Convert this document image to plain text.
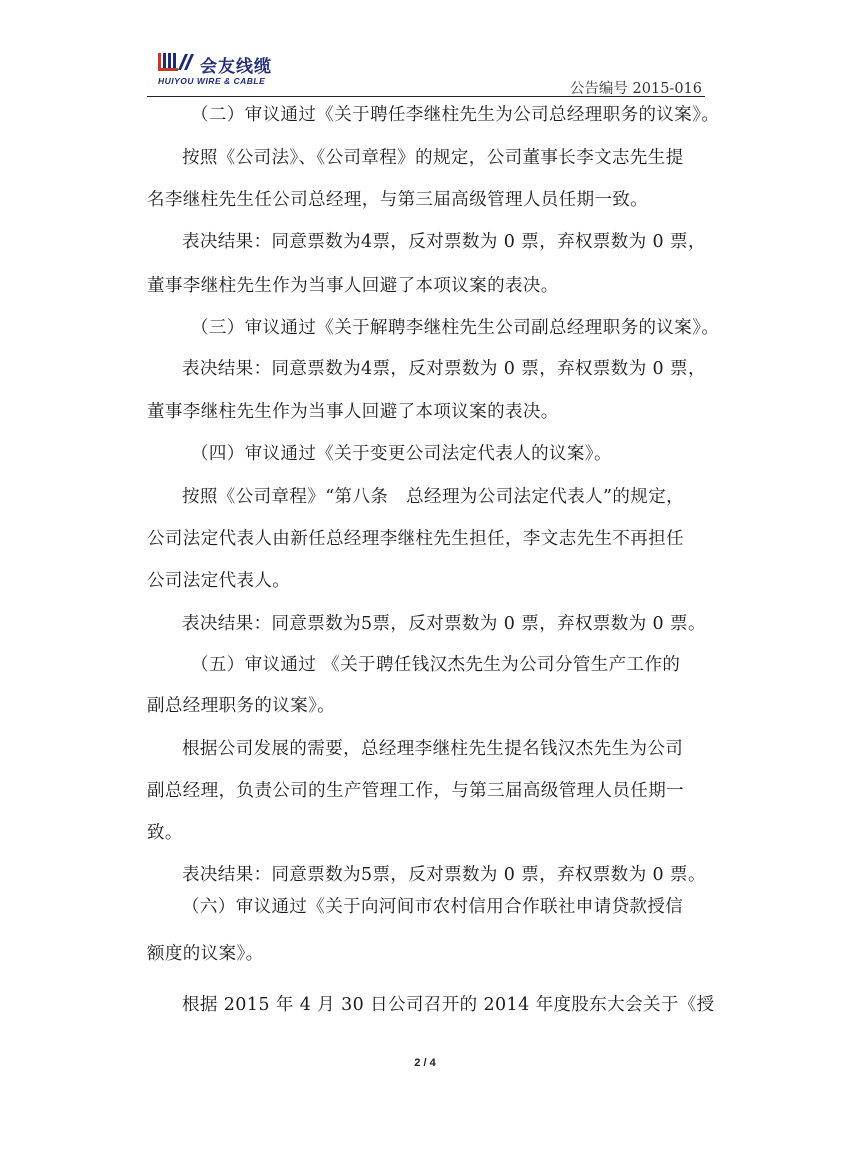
会友线缆
HUIYOU WIRE & CABLE	公告编号 2015-016
（二）审议通过《关于聘任李继柱先生为公司总经理职务的议案》。
按照《公司法》、《公司章程》的规定，公司董事长李文志先生提
名李继柱先生任公司总经理，与第三届高级管理人员任期一致。
表决结果：同意票数为4票，反对票数为 0 票，弃权票数为 0 票，
董事李继柱先生作为当事人回避了本项议案的表决。
（三）审议通过《关于解聘李继柱先生公司副总经理职务的议案》。
表决结果：同意票数为4票，反对票数为 0 票，弃权票数为 0 票，
董事李继柱先生作为当事人回避了本项议案的表决。
（四）审议通过《关于变更公司法定代表人的议案》。
按照《公司章程》“第八条　总经理为公司法定代表人”的规定，
公司法定代表人由新任总经理李继柱先生担任，李文志先生不再担任
公司法定代表人。
表决结果：同意票数为5票，反对票数为 0 票，弃权票数为 0 票。
（五）审议通过 《关于聘任钱汉杰先生为公司分管生产工作的
副总经理职务的议案》。
根据公司发展的需要，总经理李继柱先生提名钱汉杰先生为公司
副总经理，负责公司的生产管理工作，与第三届高级管理人员任期一
致。
表决结果：同意票数为5票，反对票数为 0 票，弃权票数为 0 票。
（六）审议通过《关于向河间市农村信用合作联社申请贷款授信
额度的议案》。
根据 2015 年 4 月 30 日公司召开的 2014 年度股东大会关于《授
2 / 4
